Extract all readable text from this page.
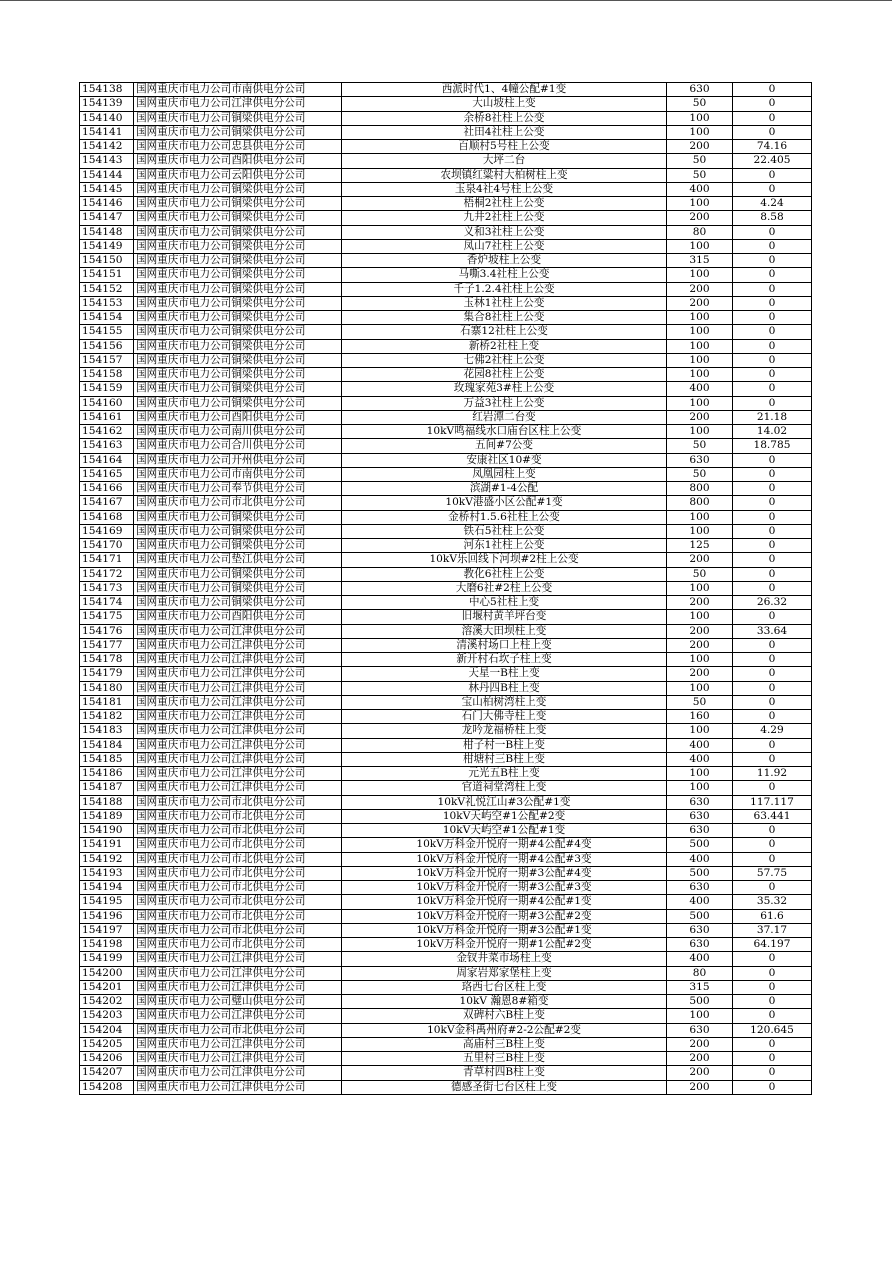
154138	国网重庆市电力公司市南供电分公司	西派时代1、4幢公配#1变	630	0
154139	国网重庆市电力公司江津供电分公司	大山坡柱上变	50	0
154140	国网重庆市电力公司铜梁供电分公司	余桥8社柱上公变	100	0
154141	国网重庆市电力公司铜梁供电分公司	社田4社柱上公变	100	0
154142	国网重庆市电力公司忠县供电分公司	百顺村5号柱上公变	200	74.16
154143	国网重庆市电力公司酉阳供电分公司	大坪二台	50	22.405
154144	国网重庆市电力公司云阳供电分公司	农坝镇红粱村大柏树柱上变	50	0
154145	国网重庆市电力公司铜梁供电分公司	玉泉4社4号柱上公变	400	0
154146	国网重庆市电力公司铜梁供电分公司	梧桐2社柱上公变	100	4.24
154147	国网重庆市电力公司铜梁供电分公司	九井2社柱上公变	200	8.58
154148	国网重庆市电力公司铜梁供电分公司	义和3社柱上公变	80	0
154149	国网重庆市电力公司铜梁供电分公司	凤山7社柱上公变	100	0
154150	国网重庆市电力公司铜梁供电分公司	香炉坡柱上公变	315	0
154151	国网重庆市电力公司铜梁供电分公司	马嘶3.4社柱上公变	100	0
154152	国网重庆市电力公司铜梁供电分公司	千子1.2.4社柱上公变	200	0
154153	国网重庆市电力公司铜梁供电分公司	玉林1社柱上公变	200	0
154154	国网重庆市电力公司铜梁供电分公司	集合8社柱上公变	100	0
154155	国网重庆市电力公司铜梁供电分公司	石寨12社柱上公变	100	0
154156	国网重庆市电力公司铜梁供电分公司	新桥2社柱上变	100	0
154157	国网重庆市电力公司铜梁供电分公司	七佛2社柱上公变	100	0
154158	国网重庆市电力公司铜梁供电分公司	花园8社柱上公变	100	0
154159	国网重庆市电力公司铜梁供电分公司	玫瑰家苑3#柱上公变	400	0
154160	国网重庆市电力公司铜梁供电分公司	万益3社柱上公变	100	0
154161	国网重庆市电力公司酉阳供电分公司	红岩潭二台变	200	21.18
154162	国网重庆市电力公司南川供电分公司	10kV鸣福线水口庙台区柱上公变	100	14.02
154163	国网重庆市电力公司合川供电分公司	五间#7公变	50	18.785
154164	国网重庆市电力公司开州供电分公司	安康社区10#变	630	0
154165	国网重庆市电力公司市南供电分公司	凤凰园柱上变	50	0
154166	国网重庆市电力公司奉节供电分公司	滨湖#1-4公配	800	0
154167	国网重庆市电力公司市北供电分公司	10kV港盛小区公配#1变	800	0
154168	国网重庆市电力公司铜梁供电分公司	金桥村1.5.6社柱上公变	100	0
154169	国网重庆市电力公司铜梁供电分公司	铁石5社柱上公变	100	0
154170	国网重庆市电力公司铜梁供电分公司	河东1社柱上公变	125	0
154171	国网重庆市电力公司垫江供电分公司	10kV乐回线下河坝#2柱上公变	200	0
154172	国网重庆市电力公司铜梁供电分公司	教化6社柱上公变	50	0
154173	国网重庆市电力公司铜梁供电分公司	大磨6社#2柱上公变	100	0
154174	国网重庆市电力公司铜梁供电分公司	中心5社柱上变	200	26.32
154175	国网重庆市电力公司酉阳供电分公司	旧堰村黄羊坪台变	100	0
154176	国网重庆市电力公司江津供电分公司	溶溪大田坝柱上变	200	33.64
154177	国网重庆市电力公司江津供电分公司	清溪村场口上柱上变	200	0
154178	国网重庆市电力公司江津供电分公司	新开村石坎子柱上变	100	0
154179	国网重庆市电力公司江津供电分公司	天星一B柱上变	200	0
154180	国网重庆市电力公司江津供电分公司	林丹四B柱上变	100	0
154181	国网重庆市电力公司江津供电分公司	宝山柏树湾柱上变	50	0
154182	国网重庆市电力公司江津供电分公司	石门大佛寺柱上变	160	0
154183	国网重庆市电力公司江津供电分公司	龙吟龙福桥柱上变	100	4.29
154184	国网重庆市电力公司江津供电分公司	柑子村一B柱上变	400	0
154185	国网重庆市电力公司江津供电分公司	柑塘村三B柱上变	400	0
154186	国网重庆市电力公司江津供电分公司	元光五B柱上变	100	11.92
154187	国网重庆市电力公司江津供电分公司	官道祠堂湾柱上变	100	0
154188	国网重庆市电力公司市北供电分公司	10kV礼悦江山#3公配#1变	630	117.117
154189	国网重庆市电力公司市北供电分公司	10kV天屿空#1公配#2变	630	63.441
154190	国网重庆市电力公司市北供电分公司	10kV天屿空#1公配#1变	630	0
154191	国网重庆市电力公司市北供电分公司	10kV万科金开悦府一期#4公配#4变	500	0
154192	国网重庆市电力公司市北供电分公司	10kV万科金开悦府一期#4公配#3变	400	0
154193	国网重庆市电力公司市北供电分公司	10kV万科金开悦府一期#3公配#4变	500	57.75
154194	国网重庆市电力公司市北供电分公司	10kV万科金开悦府一期#3公配#3变	630	0
154195	国网重庆市电力公司市北供电分公司	10kV万科金开悦府一期#4公配#1变	400	35.32
154196	国网重庆市电力公司市北供电分公司	10kV万科金开悦府一期#3公配#2变	500	61.6
154197	国网重庆市电力公司市北供电分公司	10kV万科金开悦府一期#3公配#1变	630	37.17
154198	国网重庆市电力公司市北供电分公司	10kV万科金开悦府一期#1公配#2变	630	64.197
154199	国网重庆市电力公司江津供电分公司	金钗井菜市场柱上变	400	0
154200	国网重庆市电力公司江津供电分公司	周家岩郑家堡柱上变	80	0
154201	国网重庆市电力公司江津供电分公司	珞西七台区柱上变	315	0
154202	国网重庆市电力公司璧山供电分公司	10kV 瀚恩8#箱变	500	0
154203	国网重庆市电力公司江津供电分公司	双碑村六B柱上变	100	0
154204	国网重庆市电力公司市北供电分公司	10kV金科禹州府#2-2公配#2变	630	120.645
154205	国网重庆市电力公司江津供电分公司	高庙村三B柱上变	200	0
154206	国网重庆市电力公司江津供电分公司	五里村三B柱上变	200	0
154207	国网重庆市电力公司江津供电分公司	青草村四B柱上变	200	0
154208	国网重庆市电力公司江津供电分公司	德感圣街七台区柱上变	200	0
